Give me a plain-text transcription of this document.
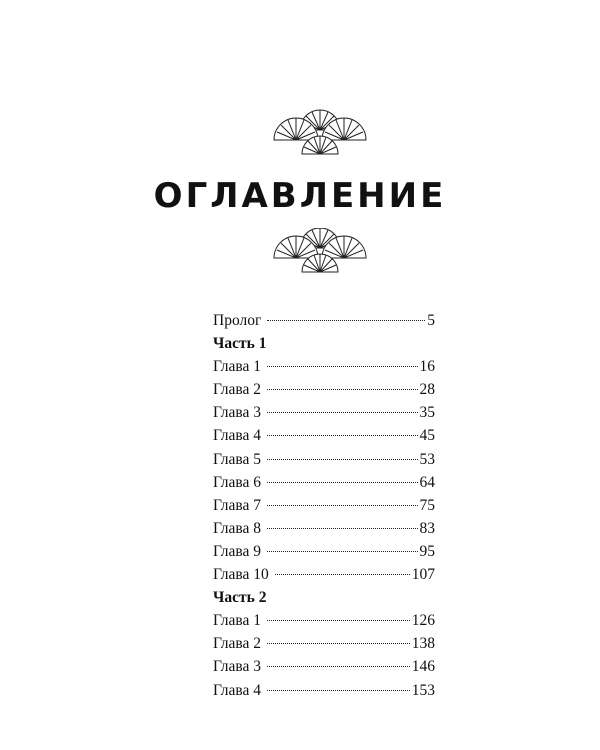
ОГЛАВЛЕНИЕ
Пролог	5
Часть 1
Глава 1	16
Глава 2	28
Глава 3	35
Глава 4	45
Глава 5	53
Глава 6	64
Глава 7	75
Глава 8	83
Глава 9	95
Глава 10	107
Часть 2
Глава 1	126
Глава 2	138
Глава 3	146
Глава 4	153
